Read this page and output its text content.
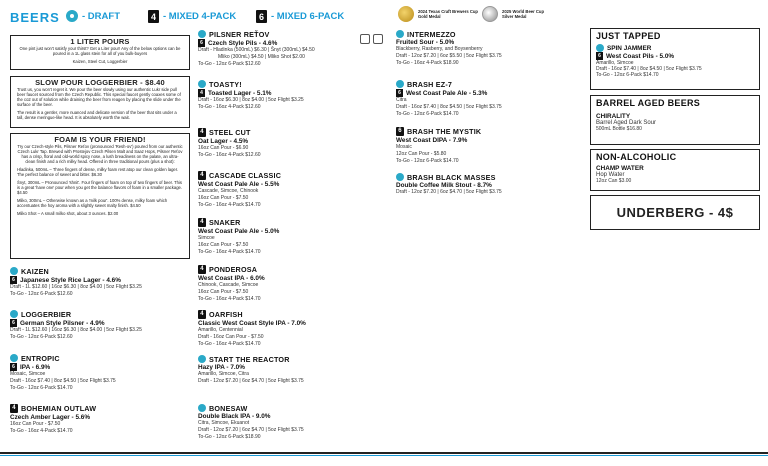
BEERS - DRAFT	4 - MIXED 4-PACK	6 - MIXED 6-PACK	2024 Texas Craft Brewers Cup
Gold Medal
2025 World Beer Cup
Silver Medal
1 LITER POURS

One pint just won't satisfy your thirst? Get a Liter pour! Any of the below options can be poured in a 1L glass stein for all of you bulk-buyers

Kaizen, Steel Cut, Loggerbier

SLOW POUR LOGGERBIER - $8.40

Trust us, you won't regret it. We pour the beer slowly using our authentic Lukr side pull beer faucet sourced from the Czech Republic. This special faucet gently coaxes some of the co2 out of solution while draining the beer from reagen by placing the slide under the surface of the beer.

The result is a gentler, more nuanced and delicate version of the beer that sits under a tall, dense meringue-like head. It is absolutely worth the wait.

FOAM IS YOUR FRIEND!

Try our Czech-style Pils, Pilsner Reťov (pronounced 'Resh-ov') poured from our authentic Czech Lukr Tap. Brewed with Prostejov Czech Pilsen Malt and Saaz Hops, Pilsner Reťov has a crisp, floral and old-world spicy nose, a lush breadiness on the palate, an ultra-clean finish and a rich milky head. Offered in three traditional pours (plus a shot):

Hladinka, 500mL – Three fingers of dense, milky foam rest atop our clean golden lager. The perfect balance of sweet and bitter. $6.30

Šnyt, 300mL – Pronounced 'shnit'. Four fingers of foam on top of two fingers of beer. This is a great 'have one' pour when you get the balance flavors of foam in a smaller package. $4.50

Mliko, 300mL – Otherwise known as a 'milk pour'. 100% dense, milky foam which accentuates the hoy aroma with a slightly sweet malty finish. $4.50

Mliko Shot – A small milko shot, about 3 ounces. $2.00

KAIZEN
6 Japanese Style Rice Lager - 4.6%
Draft - 1L $12.60 | 16oz $6.30 | 8oz $4.00 | 5oz Flight $3.25
To-Go - 12oz 6-Pack $12.60
LOGGERBIER
6 German Style Pilsner - 4.9%
Draft - 1L $12.60 | 16oz $6.30 | 8oz $4.00 | 5oz Flight $3.25
To-Go - 12oz 6-Pack $12.60
ENTROPIC
6 IPA - 6.9%
Mosaic, Simcoe
Draft - 16oz $7.40 | 8oz $4.50 | 5oz Flight $3.75
To-Go - 12oz 6-Pack $14.70
4 BOHEMIAN OUTLAW
Czech Amber Lager - 5.6%
16oz Can Pour - $7.50
To-Go - 16oz 4-Pack $14.70
PILSNER REŤOV
6 Czech Style Pils - 4.6%
Draft - Hladinka (500mL) $6.30 | Šnyt (300mL) $4.50
Mliko (300mL) $4.50 | Mliko Shot $2.00
To-Go - 12oz 6-Pack $12.60
TOASTY!
4 Toasted Lager - 5.1%
Draft - 16oz $6.30 | 8oz $4.00 | 5oz Flight $3.25
To-Go - 16oz 4-Pack $12.60
4 STEEL CUT
Oat Lager - 4.5%
16oz Can Pour - $6.90
To-Go - 16oz 4-Pack $12.60
4 CASCADE CLASSIC
West Coast Pale Ale - 5.5%
Cascade, Simcoe, Chinook
16oz Can Pour - $7.50
To-Go - 16oz 4-Pack $14.70
4 SNAKER
West Coast Pale Ale - 5.0%
Simcoe
16oz Can Pour - $7.50
To-Go - 16oz 4-Pack $14.70
4 PONDEROSA
West Coast IPA - 6.0%
Chinook, Cascade, Simcoe
16oz Can Pour - $7.50
To-Go - 16oz 4-Pack $14.70
4 OARFISH
Classic West Coast Style IPA - 7.0%
Amarillo, Centennial
Draft - 16oz Can Pour - $7.50
To-Go - 16oz 4-Pack $14.70
START THE REACTOR
Hazy IPA - 7.0%
Amarillo, Simcoe, Citra
Draft - 12oz $7.20 | 6oz $4.70 | 5oz Flight $3.75
BONESAW
Double Black IPA - 9.0%
Citra, Simcoe, Ekuanot
Draft - 12oz $7.20 | 6oz $4.70 | 5oz Flight $3.75
To-Go - 12oz 6-Pack $18.90
INTERMEZZO
Fruited Sour - 5.0%
Blackberry, Rasberry, and Boysenberry
Draft - 12oz $7.20 | 6oz $5.50 | 5oz Flight $3.75
To-Go - 16oz 4-Pack $18.90
BRASH EZ-7
6 West Coast Pale Ale - 5.3%
Citra
Draft - 16oz $7.40 | 8oz $4.50 | 5oz Flight $3.75
To-Go - 12oz 6-Pack $14.70
6 BRASH THE MYSTIK
West Coast DIPA - 7.9%
Mosaic
12oz Can Pour - $5.80
To-Go - 12oz 6-Pack $14.70
BRASH BLACK MASSES
Double Coffee Milk Stout - 8.7%
Draft - 12oz $7.20 | 6oz $4.70 | 5oz Flight $3.75
JUST TAPPED
SPIN JAMMER
6 West Coast Pils - 5.0%
Amarillo, Simcoe
Draft - 16oz $7.40 | 8oz $4.50 | 5oz Flight $3.75
To-Go - 12oz 6-Pack $14.70
BARREL AGED BEERS
CHIRALITY
Barrel Aged Dark Sour
500mL Bottle $16.80
NON-ALCOHOLIC
CHAMP WATER
Hop Water
12oz Can $3.00
UNDERBERG - 4$
